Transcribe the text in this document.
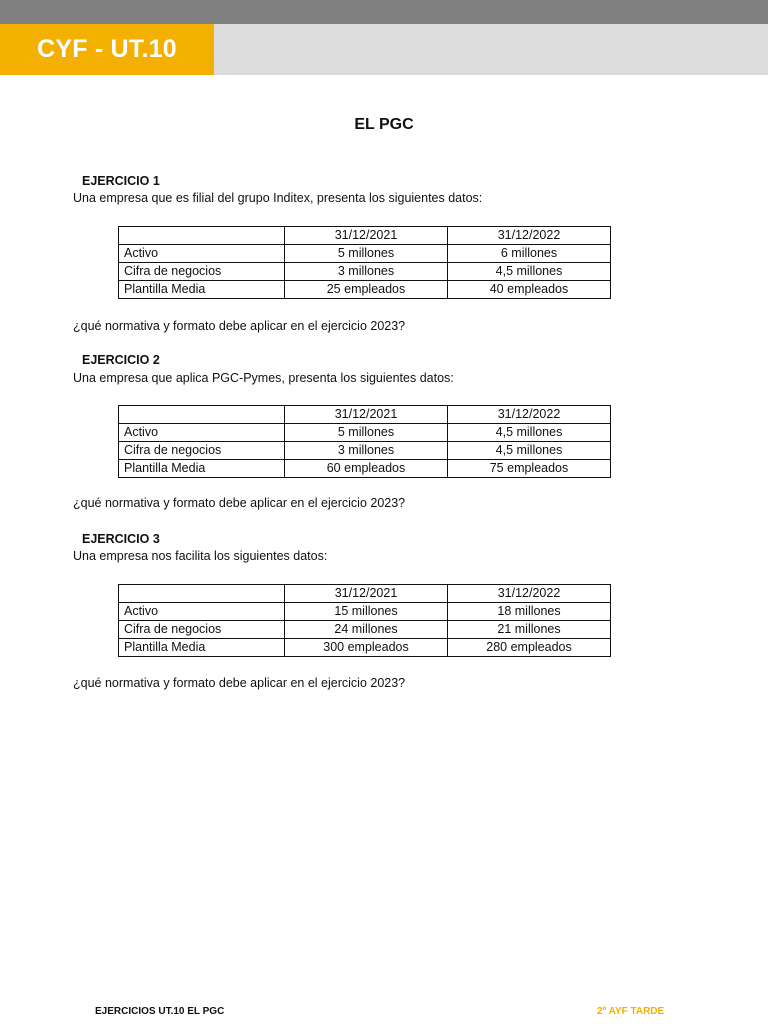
CYF - UT.10
EL PGC
EJERCICIO 1
Una empresa que es filial del grupo Inditex, presenta los siguientes datos:
	31/12/2021	31/12/2022
Activo	5 millones	6 millones
Cifra de negocios	3 millones	4,5 millones
Plantilla Media	25 empleados	40 empleados
¿qué normativa y formato debe aplicar en el ejercicio 2023?
EJERCICIO 2
Una empresa que aplica PGC-Pymes, presenta los siguientes datos:
	31/12/2021	31/12/2022
Activo	5 millones	4,5 millones
Cifra de negocios	3 millones	4,5 millones
Plantilla Media	60 empleados	75 empleados
¿qué normativa y formato debe aplicar en el ejercicio 2023?
EJERCICIO 3
Una empresa nos facilita los siguientes datos:
	31/12/2021	31/12/2022
Activo	15 millones	18 millones
Cifra de negocios	24 millones	21 millones
Plantilla Media	300 empleados	280 empleados
¿qué normativa y formato debe aplicar en el ejercicio 2023?
EJERCICIOS UT.10 EL PGC	2º AYF TARDE
